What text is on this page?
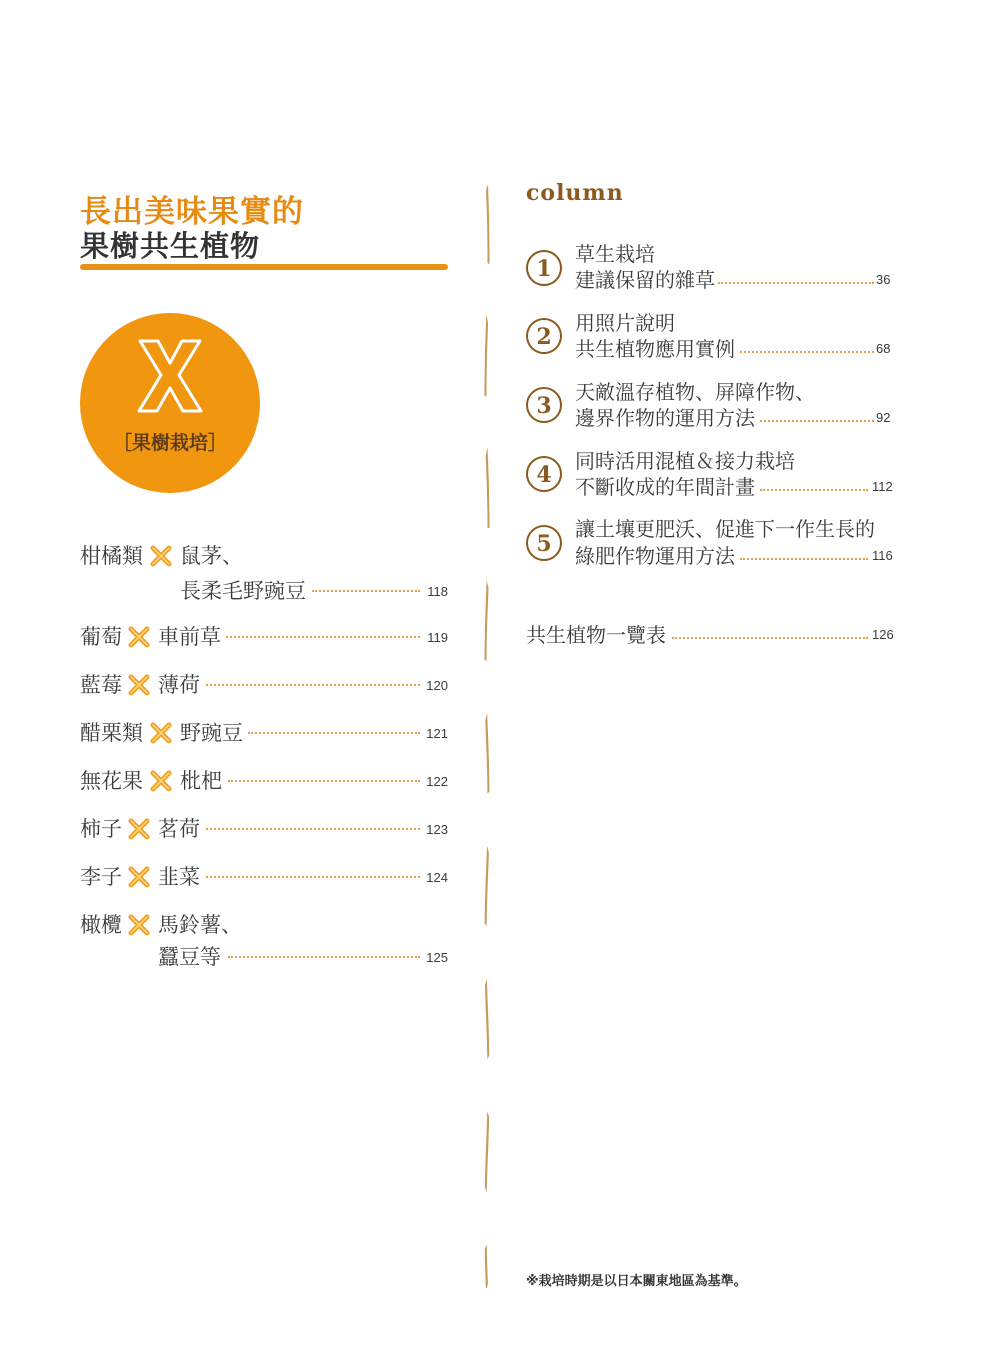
長出美味果實的
果樹共生植物
［果樹栽培］
柑橘類 鼠茅、
長柔毛野豌豆	118
葡萄 車前草	119
藍莓 薄荷	120
醋栗類 野豌豆	121
無花果 枇杷	122
柿子 茗荷	123
李子 韭菜	124
橄欖 馬鈴薯、
蠶豆等	125
column
1
草生栽培
建議保留的雜草	36
2
用照片說明
共生植物應用實例	68
3
天敵溫存植物、屏障作物、
邊界作物的運用方法	92
4
同時活用混植＆接力栽培
不斷收成的年間計畫	112
5
讓土壤更肥沃、促進下一作生長的
綠肥作物運用方法	116
共生植物一覽表	126
※栽培時期是以日本關東地區為基準。
